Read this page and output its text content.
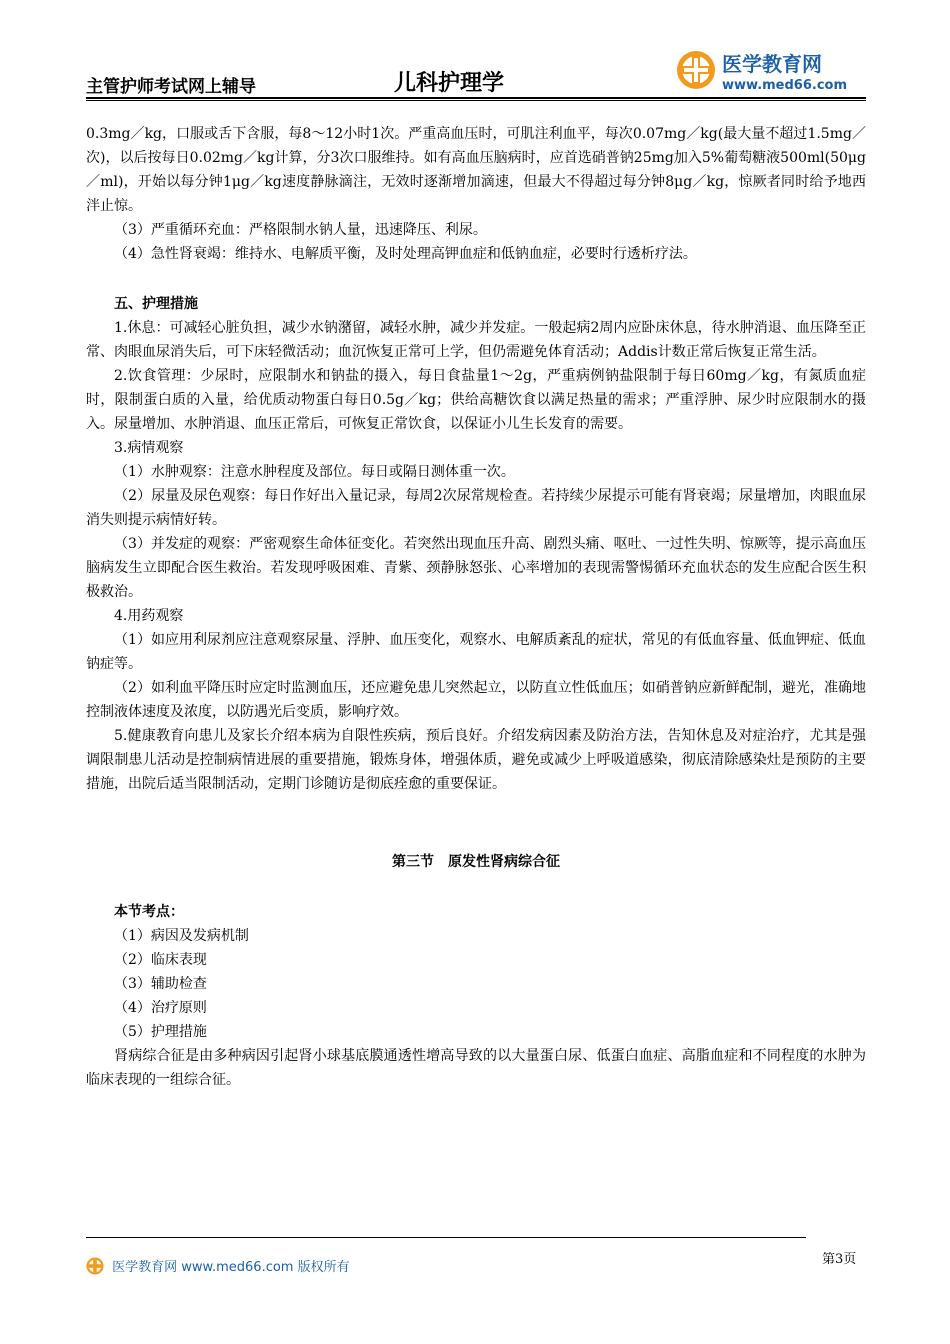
主管护师考试网上辅导	儿科护理学
医学教育网
www.med66.com

0.3mg／kg，口服或舌下含服，每8～12小时1次。严重高血压时，可肌注利血平，每次0.07mg／kg(最大量不超过1.5mg／次)，以后按每日0.02mg／kg计算，分3次口服维持。如有高血压脑病时，应首选硝普钠25mg加入5%葡萄糖液500ml(50μg／ml)，开始以每分钟1μg／kg速度静脉滴注，无效时逐渐增加滴速，但最大不得超过每分钟8μg／kg，惊厥者同时给予地西泮止惊。

（3）严重循环充血：严格限制水钠人量，迅速降压、利尿。

（4）急性肾衰竭：维持水、电解质平衡，及时处理高钾血症和低钠血症，必要时行透析疗法。

五、护理措施

1.休息：可减轻心脏负担，减少水钠潴留，减轻水肿，减少并发症。一般起病2周内应卧床休息，待水肿消退、血压降至正常、肉眼血尿消失后，可下床轻微活动；血沉恢复正常可上学，但仍需避免体育活动；Addis计数正常后恢复正常生活。

2.饮食管理：少尿时，应限制水和钠盐的摄入，每日食盐量1～2g，严重病例钠盐限制于每日60mg／kg，有氮质血症时，限制蛋白质的入量，给优质动物蛋白每日0.5g／kg；供给高糖饮食以满足热量的需求；严重浮肿、尿少时应限制水的摄入。尿量增加、水肿消退、血压正常后，可恢复正常饮食，以保证小儿生长发育的需要。

3.病情观察

（1）水肿观察：注意水肿程度及部位。每日或隔日测体重一次。

（2）尿量及尿色观察：每日作好出入量记录，每周2次尿常规检查。若持续少尿提示可能有肾衰竭；尿量增加，肉眼血尿消失则提示病情好转。

（3）并发症的观察：严密观察生命体征变化。若突然出现血压升高、剧烈头痛、呕吐、一过性失明、惊厥等，提示高血压脑病发生立即配合医生救治。若发现呼吸困难、青紫、颈静脉怒张、心率增加的表现需警惕循环充血状态的发生应配合医生积极救治。

4.用药观察

（1）如应用利尿剂应注意观察尿量、浮肿、血压变化，观察水、电解质紊乱的症状，常见的有低血容量、低血钾症、低血钠症等。

（2）如利血平降压时应定时监测血压，还应避免患儿突然起立，以防直立性低血压；如硝普钠应新鲜配制，避光，准确地控制液体速度及浓度，以防遇光后变质，影响疗效。

5.健康教育向患儿及家长介绍本病为自限性疾病，预后良好。介绍发病因素及防治方法，告知休息及对症治疗，尤其是强调限制患儿活动是控制病情进展的重要措施，锻炼身体，增强体质，避免或减少上呼吸道感染，彻底清除感染灶是预防的主要措施，出院后适当限制活动，定期门诊随访是彻底痊愈的重要保证。

第三节　原发性肾病综合征
本节考点：

（1）病因及发病机制

（2）临床表现

（3）辅助检查

（4）治疗原则

（5）护理措施

肾病综合征是由多种病因引起肾小球基底膜通透性增高导致的以大量蛋白尿、低蛋白血症、高脂血症和不同程度的水肿为临床表现的一组综合征。

医学教育网 www.med66.com 版权所有
第3页
